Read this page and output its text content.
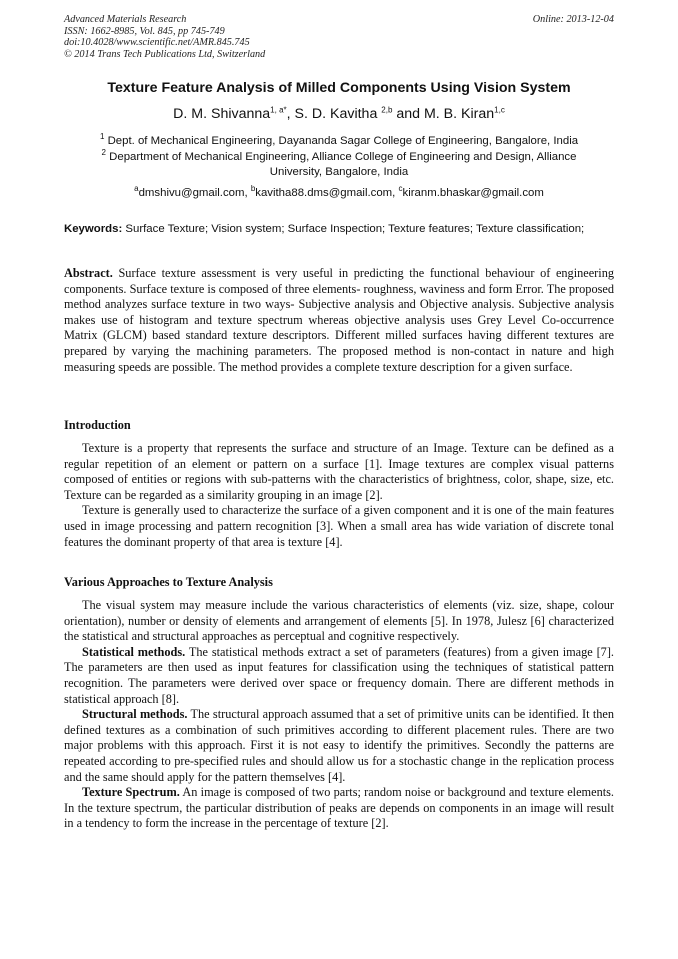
Advanced Materials Research
ISSN: 1662-8985, Vol. 845, pp 745-749
doi:10.4028/www.scientific.net/AMR.845.745
© 2014 Trans Tech Publications Ltd, Switzerland
Online: 2013-12-04
Texture Feature Analysis of Milled Components Using Vision System
D. M. Shivanna$^{1, a*}$, S. D. Kavitha $^{2,b}$ and M. B. Kiran$^{1,c}$
$^1$ Dept. of Mechanical Engineering, Dayananda Sagar College of Engineering, Bangalore, India
$^2$ Department of Mechanical Engineering, Alliance College of Engineering and Design, Alliance
University, Bangalore, India
$^a$dmshivu@gmail.com, $^b$kavitha88.dms@gmail.com, $^c$kiranm.bhaskar@gmail.com

Keywords: Surface Texture; Vision system; Surface Inspection; Texture features; Texture classification;

Abstract. Surface texture assessment is very useful in predicting the functional behaviour of engineering components. Surface texture is composed of three elements- roughness, waviness and form Error. The proposed method analyzes surface texture in two ways- Subjective analysis and Objective analysis. Subjective analysis makes use of histogram and texture spectrum whereas objective analysis uses Grey Level Co-occurrence Matrix (GLCM) based standard texture descriptors. Different milled surfaces having different textures are prepared by varying the machining parameters. The proposed method is non-contact in nature and high measuring speeds are possible. The method provides a complete texture description for a given surface.

Introduction

Texture is a property that represents the surface and structure of an Image. Texture can be defined as a regular repetition of an element or pattern on a surface [1]. Image textures are complex visual patterns composed of entities or regions with sub-patterns with the characteristics of brightness, color, shape, size, etc. Texture can be regarded as a similarity grouping in an image [2].

Texture is generally used to characterize the surface of a given component and it is one of the main features used in image processing and pattern recognition [3]. When a small area has wide variation of discrete tonal features the dominant property of that area is texture [4].

Various Approaches to Texture Analysis

The visual system may measure include the various characteristics of elements (viz. size, shape, colour orientation), number or density of elements and arrangement of elements [5]. In 1978, Julesz [6] characterized the statistical and structural approaches as perceptual and cognitive respectively.

Statistical methods. The statistical methods extract a set of parameters (features) from a given image [7]. The parameters are then used as input features for classification using the techniques of statistical pattern recognition. The parameters were derived over space or frequency domain. There are different methods in statistical approach [8].

Structural methods. The structural approach assumed that a set of primitive units can be identified. It then defined textures as a combination of such primitives according to different placement rules. There are two major problems with this approach. First it is not easy to identify the primitives. Secondly the patterns are repeated according to pre-specified rules and should allow us for a stochastic change in the replication process and the same should apply for the pattern themselves [4].

Texture Spectrum. An image is composed of two parts; random noise or background and texture elements. In the texture spectrum, the particular distribution of peaks are depends on components in an image will result in a tendency to form the increase in the percentage of texture [2].
